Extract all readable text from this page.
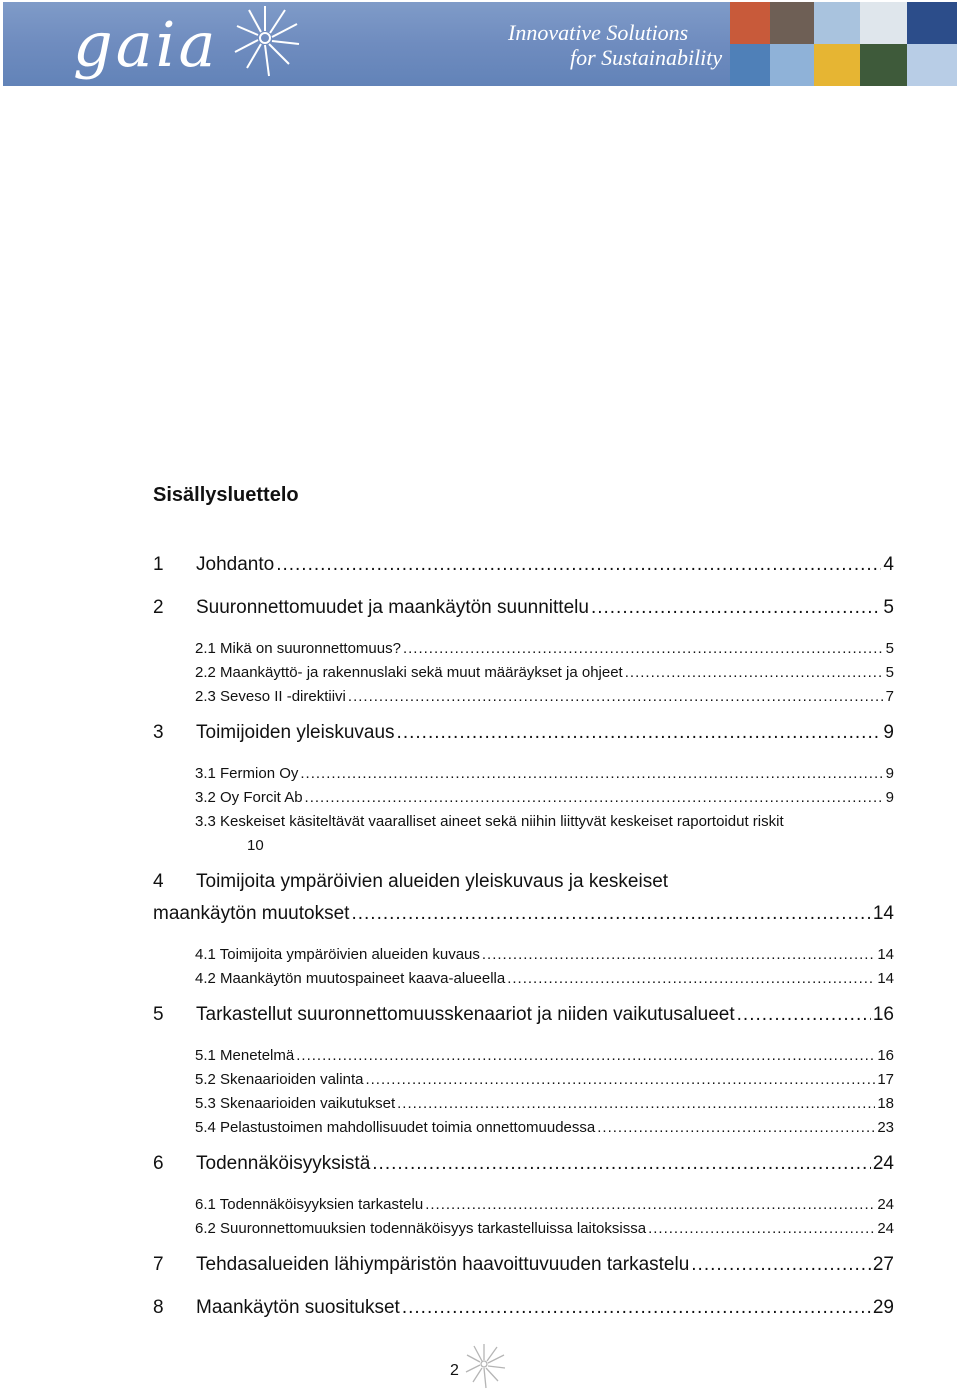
gaia	Innovative Solutions
for Sustainability
Sisällysluettelo
1	Johdanto .....	4
2	Suuronnettomuudet ja maankäytön suunnittelu .....	5
2.1 Mikä on suuronnettomuus? .....	5
2.2 Maankäyttö- ja rakennuslaki sekä muut määräykset ja ohjeet .....	5
2.3 Seveso II -direktiivi .....	7
3	Toimijoiden yleiskuvaus .....	9
3.1 Fermion Oy .....	9
3.2 Oy Forcit Ab .....	9
3.3 Keskeiset käsiteltävät vaaralliset aineet sekä niihin liittyvät keskeiset raportoidut riskit
10
4 Toimijoita ympäröivien alueiden yleiskuvaus ja keskeiset
maankäytön muutokset .....	14
4.1 Toimijoita ympäröivien alueiden kuvaus .....	14
4.2 Maankäytön muutospaineet kaava-alueella .....	14
5	Tarkastellut suuronnettomuusskenaariot ja niiden vaikutusalueet .....	16
5.1 Menetelmä .....	16
5.2 Skenaarioiden valinta .....	17
5.3 Skenaarioiden vaikutukset .....	18
5.4 Pelastustoimen mahdollisuudet toimia onnettomuudessa .....	23
6	Todennäköisyyksistä .....	24
6.1 Todennäköisyyksien tarkastelu .....	24
6.2 Suuronnettomuuksien todennäköisyys tarkastelluissa laitoksissa .....	24
7	Tehdasalueiden lähiympäristön haavoittuvuuden tarkastelu .....	27
8	Maankäytön suositukset .....	29
2
